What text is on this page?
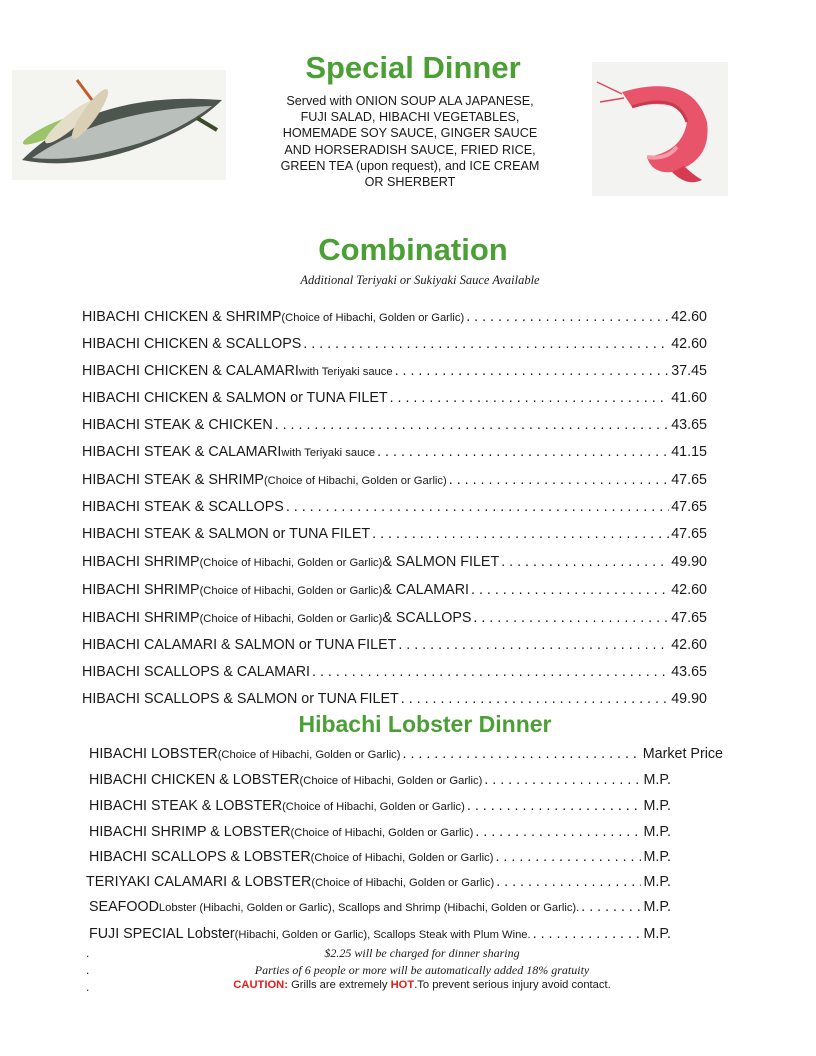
Special Dinner
Served with ONION SOUP ALA JAPANESE,
FUJI SALAD, HIBACHI VEGETABLES,
HOMEMADE SOY SAUCE, GINGER SAUCE
AND HORSERADISH SAUCE, FRIED RICE,
GREEN TEA (upon request), and ICE CREAM
OR SHERBERT
Combination
Additional Teriyaki or Sukiyaki Sauce Available
HIBACHI CHICKEN & SHRIMP (Choice of Hibachi, Golden or Garlic) . . .	42.60
HIBACHI CHICKEN & SCALLOPS . . .	42.60
HIBACHI CHICKEN & CALAMARI with Teriyaki sauce . . .	37.45
HIBACHI CHICKEN & SALMON or TUNA FILET . . .	41.60
HIBACHI STEAK & CHICKEN . . .	43.65
HIBACHI STEAK & CALAMARI with Teriyaki sauce . . .	41.15
HIBACHI STEAK & SHRIMP (Choice of Hibachi, Golden or Garlic) . . .	47.65
HIBACHI STEAK & SCALLOPS . . .	47.65
HIBACHI STEAK & SALMON or TUNA FILET . . .	47.65
HIBACHI SHRIMP (Choice of Hibachi, Golden or Garlic) & SALMON FILET . . .	49.90
HIBACHI SHRIMP (Choice of Hibachi, Golden or Garlic) & CALAMARI . . .	42.60
HIBACHI SHRIMP (Choice of Hibachi, Golden or Garlic) & SCALLOPS . . .	47.65
HIBACHI CALAMARI & SALMON or TUNA FILET . . .	42.60
HIBACHI SCALLOPS & CALAMARI . . .	43.65
HIBACHI SCALLOPS & SALMON or TUNA FILET . . .	49.90
Hibachi Lobster Dinner
HIBACHI LOBSTER (Choice of Hibachi, Golden or Garlic) . . .	Market Price
HIBACHI CHICKEN & LOBSTER (Choice of Hibachi, Golden or Garlic) . . .	M.P.
HIBACHI STEAK & LOBSTER (Choice of Hibachi, Golden or Garlic) . . .	M.P.
HIBACHI SHRIMP & LOBSTER (Choice of Hibachi, Golden or Garlic) . . .	M.P.
HIBACHI SCALLOPS & LOBSTER (Choice of Hibachi, Golden or Garlic) . . .	M.P.
TERIYAKI CALAMARI & LOBSTER (Choice of Hibachi, Golden or Garlic) . . .	M.P.
SEAFOOD Lobster (Hibachi, Golden or Garlic), Scallops and Shrimp (Hibachi, Golden or Garlic). . . .	M.P.
FUJI SPECIAL Lobster (Hibachi, Golden or Garlic), Scallops Steak with Plum Wine. . . .	M.P.
.
.
.
$2.25 will be charged for dinner sharing
Parties of 6 people or more will be automatically added 18% gratuity
CAUTION: Grills are extremely HOT.To prevent serious injury avoid contact.
